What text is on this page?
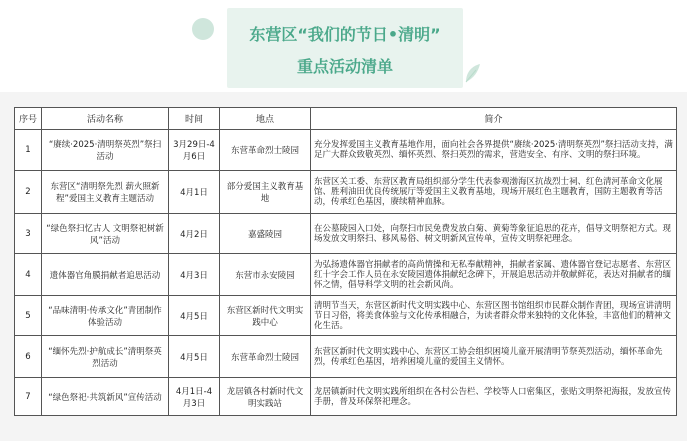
东营区“我们的节日•清明”
重点活动清单
序号	活动名称	时间	地点	简介
1	“赓续·2025·清明祭英烈”祭扫活动	3月29日-4月6日	东营革命烈士陵园	充分发挥爱国主义教育基地作用，面向社会各界提供“赓续·2025·清明祭英烈”祭扫活动支持，满足广大群众致敬英烈、缅怀英烈、祭扫英烈的需求，营造安全、有序、文明的祭扫环境。
2	东营区“清明祭先烈 薪火照新程”爱国主义教育主题活动	4月1日	部分爱国主义教育基地	东营区关工委、东营区教育局组织部分学生代表参观渤海区抗战烈士祠、红色清河革命文化展馆、胜利油田优良传统展厅等爱国主义教育基地，现场开展红色主题教育，国防主题教育等活动，传承红色基因，赓续精神血脉。
3	“绿色祭扫忆古人 文明祭祀树新风”活动	4月2日	嘉盛陵园	在公墓陵园入口处，向祭扫市民免费发放白菊、黄菊等象征追思的花卉，倡导文明祭祀方式。现场发放文明祭扫、移风易俗、树文明新风宣传单，宣传文明祭祀理念。
4	遗体器官角膜捐献者追思活动	4月3日	东营市永安陵园	为弘扬遗体器官捐献者的高尚情操和无私奉献精神，捐献者家属、遗体器官登记志愿者、东营区红十字会工作人员在永安陵园遗体捐献纪念碑下，开展追思活动并敬献鲜花，表达对捐献者的缅怀之情，倡导科学文明的社会新风尚。
5	“品味清明·传承文化”青团制作体验活动	4月5日	东营区新时代文明实践中心	清明节当天，东营区新时代文明实践中心、东营区图书馆组织市民群众制作青团，现场宣讲清明节日习俗，将美食体验与文化传承相融合，为读者群众带来独特的文化体验，丰富他们的精神文化生活。
6	“缅怀先烈·护航成长”清明祭英烈活动	4月5日	东营革命烈士陵园	东营区新时代文明实践中心、东营区工协会组织困境儿童开展清明节祭英烈活动，缅怀革命先烈，传承红色基因，培养困境儿童的爱国主义情怀。
7	“绿色祭祀·共筑新风”宣传活动	4月1日-4月3日	龙居镇各村新时代文明实践站	龙居镇新时代文明实践所组织在各村公告栏、学校等人口密集区，张贴文明祭祀海报，发放宣传手册，普及环保祭祀理念。
